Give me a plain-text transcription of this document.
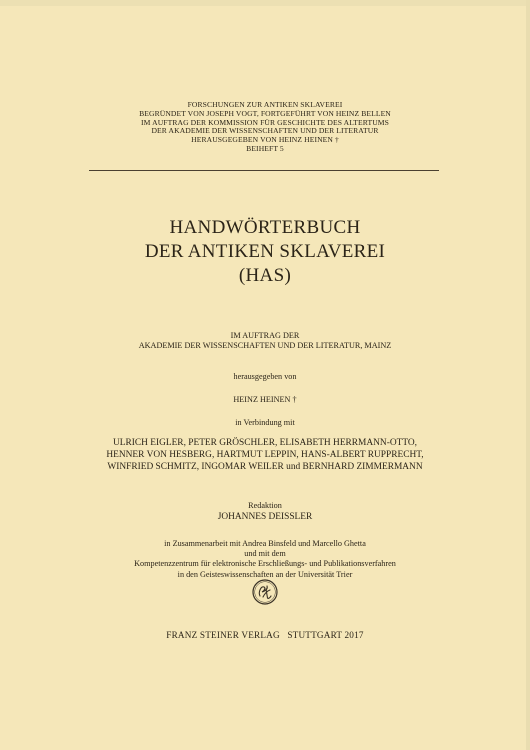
FORSCHUNGEN ZUR ANTIKEN SKLAVEREI
BEGRÜNDET VON JOSEPH VOGT, FORTGEFÜHRT VON HEINZ BELLEN
IM AUFTRAG DER KOMMISSION FÜR GESCHICHTE DES ALTERTUMS
DER AKADEMIE DER WISSENSCHAFTEN UND DER LITERATUR
HERAUSGEGEBEN VON HEINZ HEINEN †
BEIHEFT 5
HANDWÖRTERBUCH
DER ANTIKEN SKLAVEREI
(HAS)
IM AUFTRAG DER
AKADEMIE DER WISSENSCHAFTEN UND DER LITERATUR, MAINZ
herausgegeben von
HEINZ HEINEN †
in Verbindung mit
ULRICH EIGLER, PETER GRÖSCHLER, ELISABETH HERRMANN-OTTO,
HENNER VON HESBERG, HARTMUT LEPPIN, HANS-ALBERT RUPPRECHT,
WINFRIED SCHMITZ, INGOMAR WEILER und BERNHARD ZIMMERMANN
Redaktion
JOHANNES DEISSLER
in Zusammenarbeit mit Andrea Binsfeld und Marcello Ghetta
und mit dem
Kompetenzzentrum für elektronische Erschließungs- und Publikationsverfahren
in den Geisteswissenschaften an der Universität Trier
FRANZ STEINER VERLAG   STUTTGART 2017
